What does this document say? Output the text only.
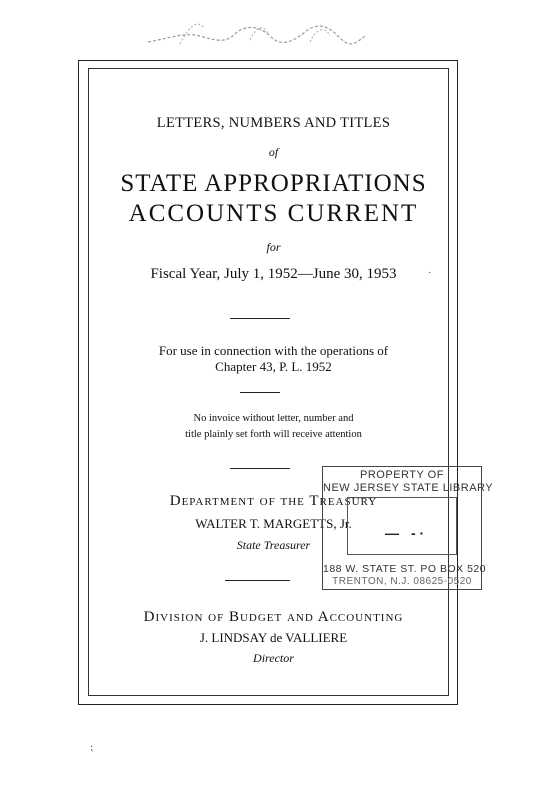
LETTERS, NUMBERS AND TITLES
of
STATE APPROPRIATIONS
ACCOUNTS CURRENT
for
Fiscal Year, July 1, 1952—June 30, 1953
For use in connection with the operations of
Chapter 43, P. L. 1952
No invoice without letter, number and
title plainly set forth will receive attention
Department of the Treasury
WALTER T. MARGETTS, Jr.
State Treasurer
Division of Budget and Accounting
J. LINDSAY de VALLIERE
Director
PROPERTY OF
NEW JERSEY STATE LIBRARY
— - ·
188 W. STATE ST. PO BOX 520
TRENTON, N.J. 08625-0520
⁏
·
